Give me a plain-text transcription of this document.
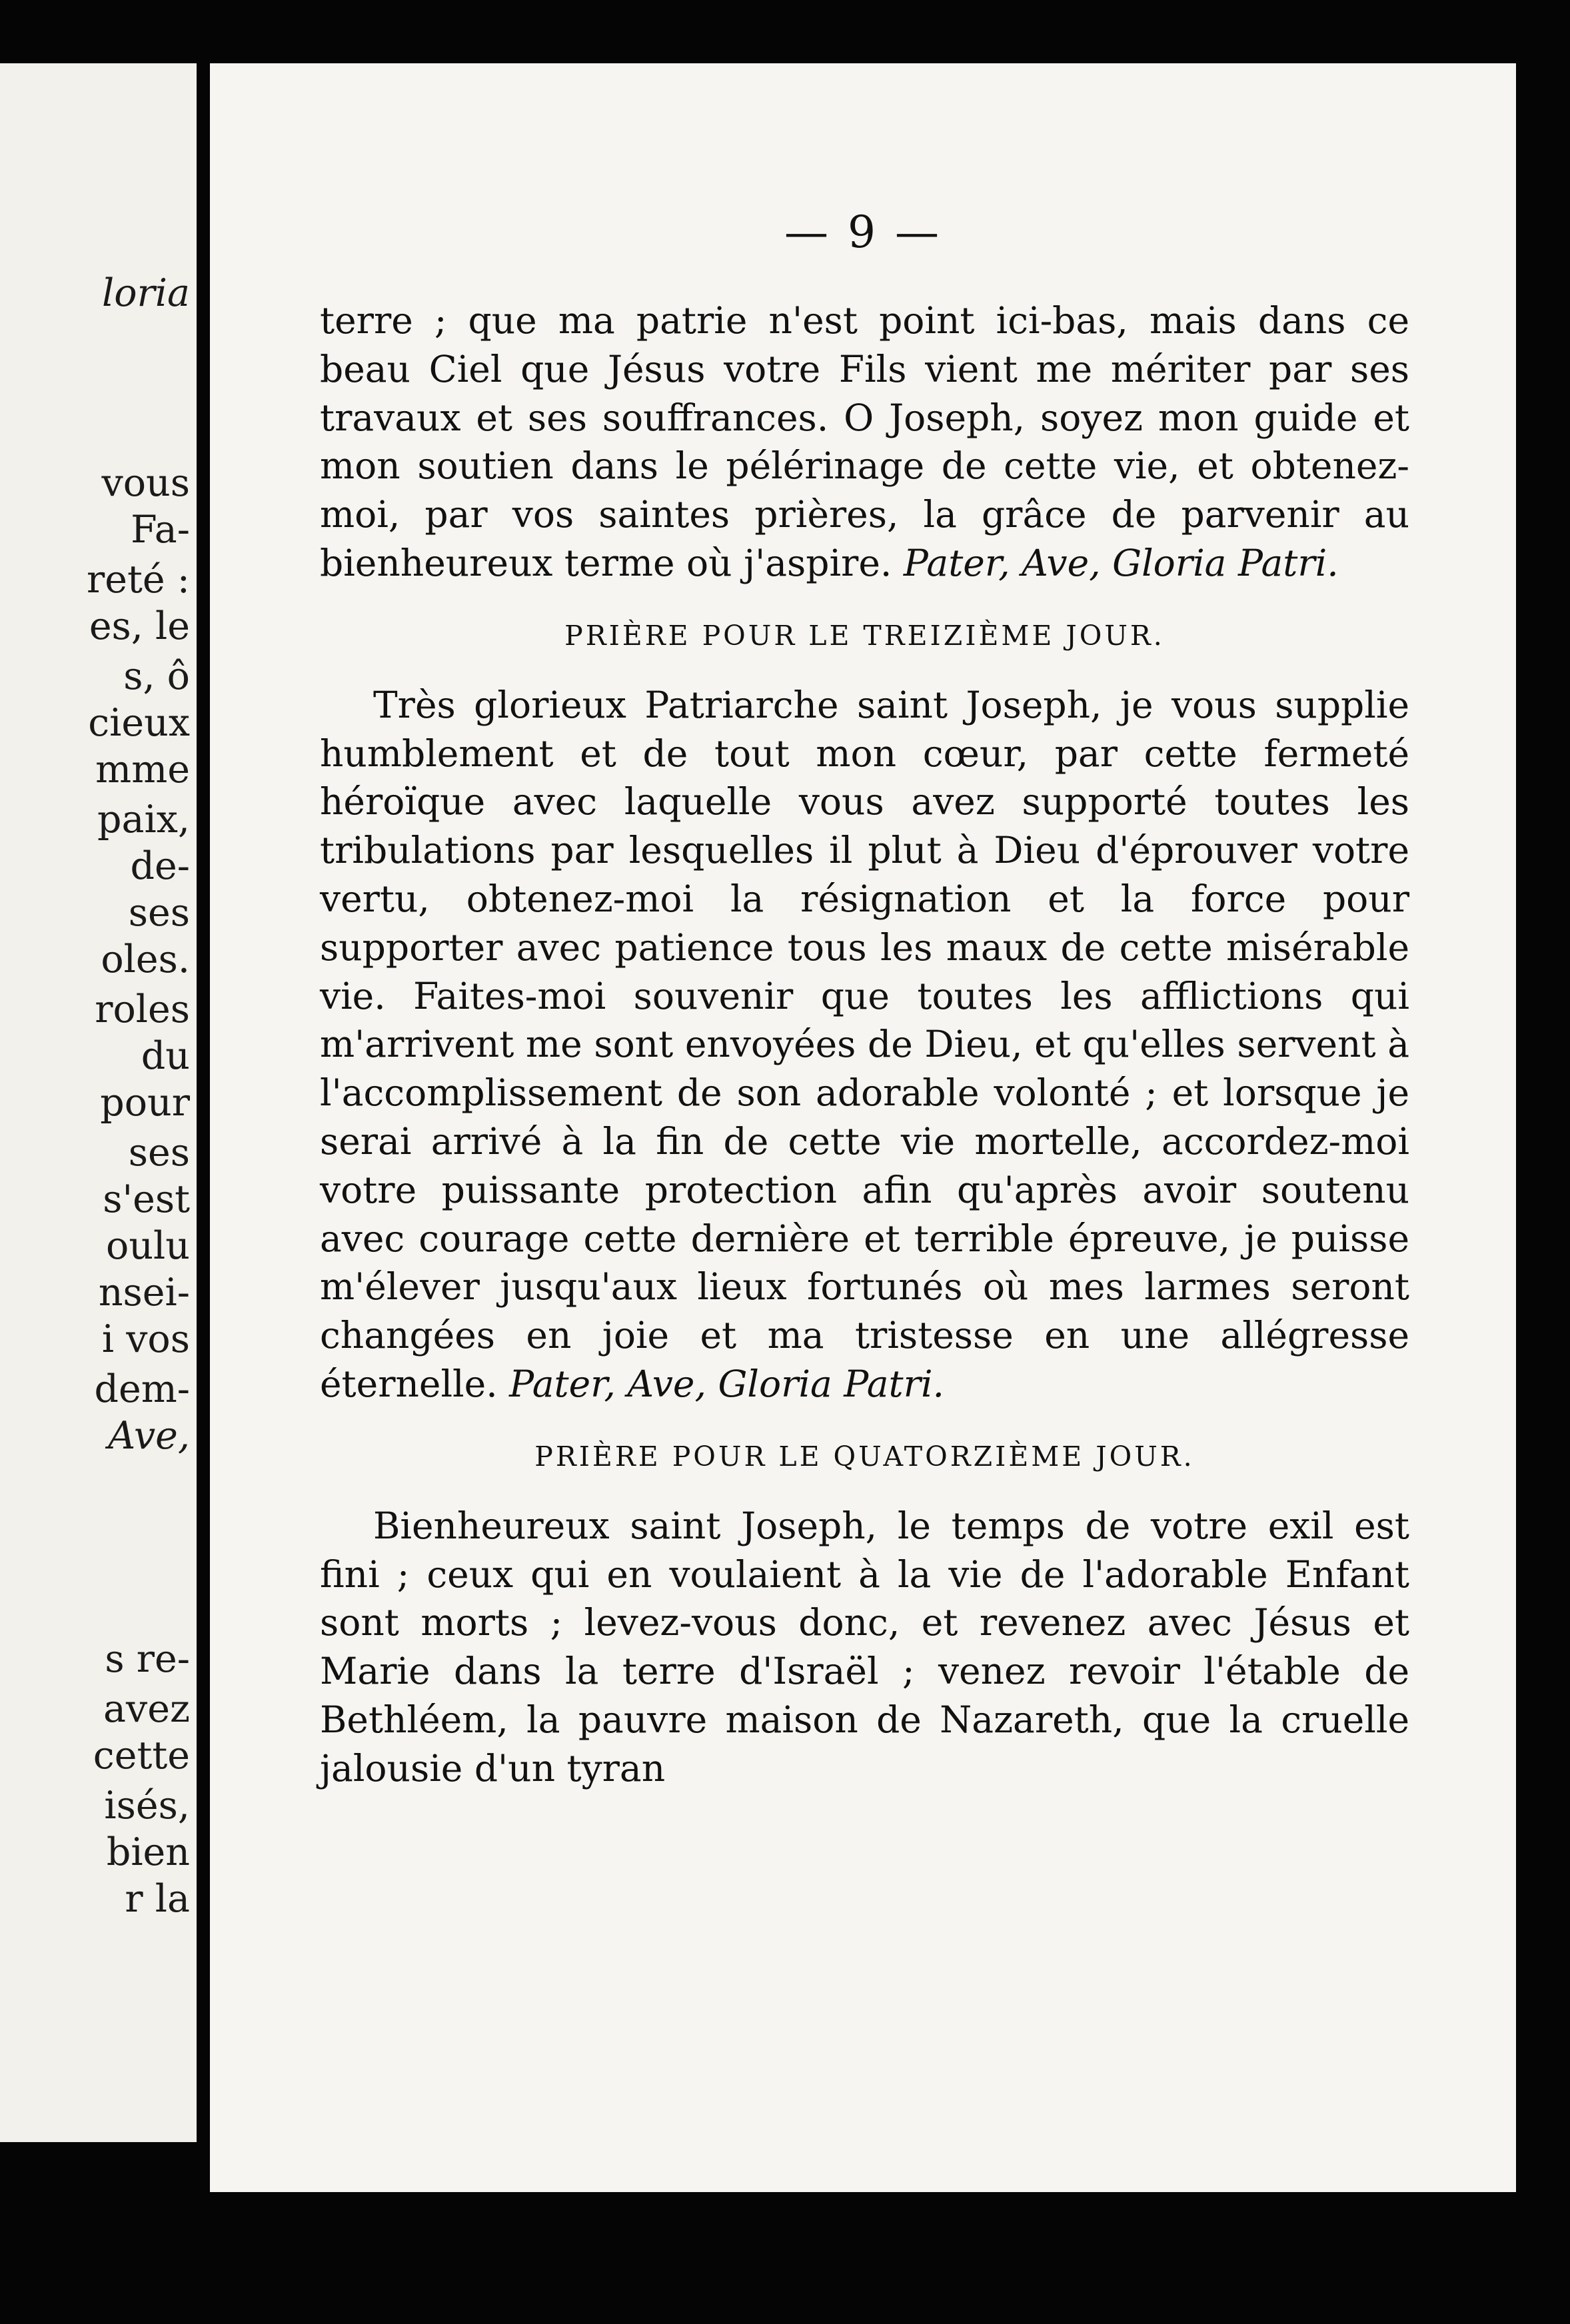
loria
vous
Fa-
reté :
es, le
s, ô
cieux
mme
paix,
de-
ses
oles.
roles
du
pour
ses
s'est
oulu
nsei-
i vos
dem-
Ave,
s re-
avez
cette
isés,
bien
r la
— 9 —

terre ; que ma patrie n'est point ici-bas, mais dans ce beau Ciel que Jésus votre Fils vient me mériter par ses travaux et ses souffrances. O Joseph, soyez mon guide et mon soutien dans le pélérinage de cette vie, et obtenez-moi, par vos saintes prières, la grâce de parvenir au bienheureux terme où j'aspire. Pater, Ave, Gloria Patri.

PRIÈRE POUR LE TREIZIÈME JOUR.

Très glorieux Patriarche saint Joseph, je vous supplie humblement et de tout mon cœur, par cette fermeté héroïque avec laquelle vous avez supporté toutes les tribulations par lesquelles il plut à Dieu d'éprouver votre vertu, obtenez-moi la résignation et la force pour supporter avec patience tous les maux de cette misérable vie. Faites-moi souvenir que toutes les afflictions qui m'arrivent me sont envoyées de Dieu, et qu'elles servent à l'accomplissement de son adorable volonté ; et lorsque je serai arrivé à la fin de cette vie mortelle, accordez-moi votre puissante protection afin qu'après avoir soutenu avec courage cette dernière et terrible épreuve, je puisse m'élever jusqu'aux lieux fortunés où mes larmes seront changées en joie et ma tristesse en une allégresse éternelle. Pater, Ave, Gloria Patri.

PRIÈRE POUR LE QUATORZIÈME JOUR.

Bienheureux saint Joseph, le temps de votre exil est fini ; ceux qui en voulaient à la vie de l'adorable Enfant sont morts ; levez-vous donc, et revenez avec Jésus et Marie dans la terre d'Israël ; venez revoir l'étable de Bethléem, la pauvre maison de Nazareth, que la cruelle jalousie d'un tyran
